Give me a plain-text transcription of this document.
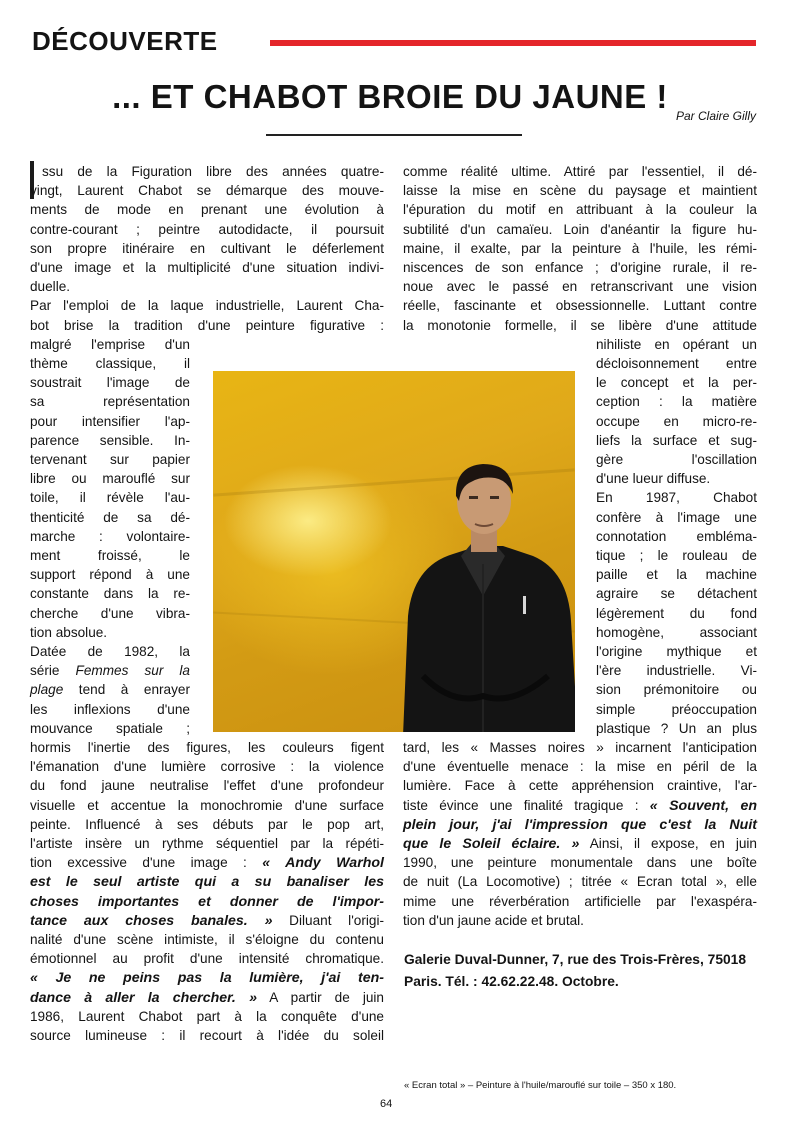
DÉCOUVERTE
... ET CHABOT BROIE DU JAUNE !
Par Claire Gilly
ssu de la Figuration libre des années quatre-
vingt, Laurent Chabot se démarque des mouve-
ments de mode en prenant une évolution à
contre-courant ; peintre autodidacte, il poursuit
son propre itinéraire en cultivant le déferlement
d'une image et la multiplicité d'une situation indivi-
duelle.
Par l'emploi de la laque industrielle, Laurent Cha-
bot brise la tradition d'une peinture figurative :
malgré l'emprise d'un
thème classique, il
soustrait l'image de
sa représentation
pour intensifier l'ap-
parence sensible. In-
tervenant sur papier
libre ou marouflé sur
toile, il révèle l'au-
thenticité de sa dé-
marche : volontaire-
ment froissé, le
support répond à une
constante dans la re-
cherche d'une vibra-
tion absolue.
Datée de 1982, la
série Femmes sur la
plage tend à enrayer
les inflexions d'une
mouvance spatiale ;
hormis l'inertie des figures, les couleurs figent
l'émanation d'une lumière corrosive : la violence
du fond jaune neutralise l'effet d'une profondeur
visuelle et accentue la monochromie d'une surface
peinte. Influencé à ses débuts par le pop art,
l'artiste insère un rythme séquentiel par la répéti-
tion excessive d'une image : « Andy Warhol
est le seul artiste qui a su banaliser les
choses importantes et donner de l'impor-
tance aux choses banales. » Diluant l'origi-
nalité d'une scène intimiste, il s'éloigne du contenu
émotionnel au profit d'une intensité chromatique.
« Je ne peins pas la lumière, j'ai ten-
dance à aller la chercher. » A partir de juin
1986, Laurent Chabot part à la conquête d'une
source lumineuse : il recourt à l'idée du soleil
comme réalité ultime. Attiré par l'essentiel, il dé-
laisse la mise en scène du paysage et maintient
l'épuration du motif en attribuant à la couleur la
subtilité d'un camaïeu. Loin d'anéantir la figure hu-
maine, il exalte, par la peinture à l'huile, les rémi-
niscences de son enfance ; d'origine rurale, il re-
noue avec le passé en retranscrivant une vision
réelle, fascinante et obsessionnelle. Luttant contre
la monotonie formelle, il se libère d'une attitude
nihiliste en opérant un
décloisonnement entre
le concept et la per-
ception : la matière
occupe en micro-re-
liefs la surface et sug-
gère l'oscillation
d'une lueur diffuse.
En 1987, Chabot
confère à l'image une
connotation embléma-
tique ; le rouleau de
paille et la machine
agraire se détachent
légèrement du fond
homogène, associant
l'origine mythique et
l'ère industrielle. Vi-
sion prémonitoire ou
simple préoccupation
plastique ? Un an plus
tard, les « Masses noires » incarnent l'anticipation
d'une éventuelle menace : la mise en péril de la
lumière. Face à cette appréhension craintive, l'ar-
tiste évince une finalité tragique : « Souvent, en
plein jour, j'ai l'impression que c'est la Nuit
que le Soleil éclaire. » Ainsi, il expose, en juin
1990, une peinture monumentale dans une boîte
de nuit (La Locomotive) ; titrée « Ecran total », elle
mime une réverbération artificielle par l'exaspéra-
tion d'un jaune acide et brutal.
Galerie Duval-Dunner, 7, rue des Trois-Frères, 75018
Paris. Tél. : 42.62.22.48. Octobre.
« Ecran total » – Peinture à l'huile/marouflé sur toile – 350 x 180.
64
